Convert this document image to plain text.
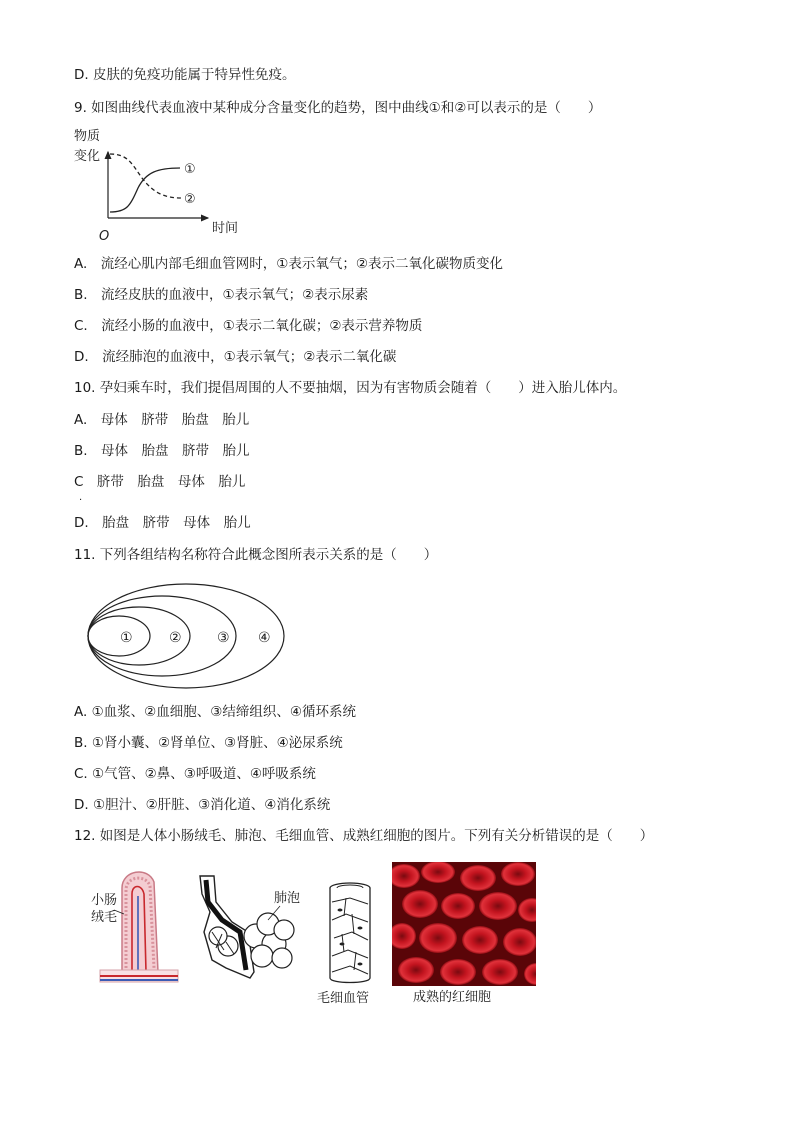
D. 皮肤的免疫功能属于特异性免疫。
9. 如图曲线代表血液中某种成分含量变化的趋势，图中曲线①和②可以表示的是（　　）
物质
变化
时间
O
①
②
A.　流经心肌内部毛细血管网时，①表示氧气；②表示二氧化碳物质变化
B.　流经皮肤的血液中，①表示氧气；②表示尿素
C.　流经小肠的血液中，①表示二氧化碳；②表示营养物质
D.　流经肺泡的血液中，①表示氧气；②表示二氧化碳
10. 孕妇乘车时，我们提倡周围的人不要抽烟，因为有害物质会随着（　　）进入胎儿体内。
A.　母体　脐带　胎盘　胎儿
B.　母体　胎盘　脐带　胎儿
C　脐带　胎盘　母体　胎儿
.
D.　胎盘　脐带　母体　胎儿
11. 下列各组结构名称符合此概念图所表示关系的是（　　）
①	②	③ ④
A. ①血浆、②血细胞、③结缔组织、④循环系统
B. ①肾小囊、②肾单位、③肾脏、④泌尿系统
C. ①气管、②鼻、③呼吸道、④呼吸系统
D. ①胆汁、②肝脏、③消化道、④消化系统
12. 如图是人体小肠绒毛、肺泡、毛细血管、成熟红细胞的图片。下列有关分析错误的是（　　）
小肠
绒毛
肺泡
毛细血管	成熟的红细胞
